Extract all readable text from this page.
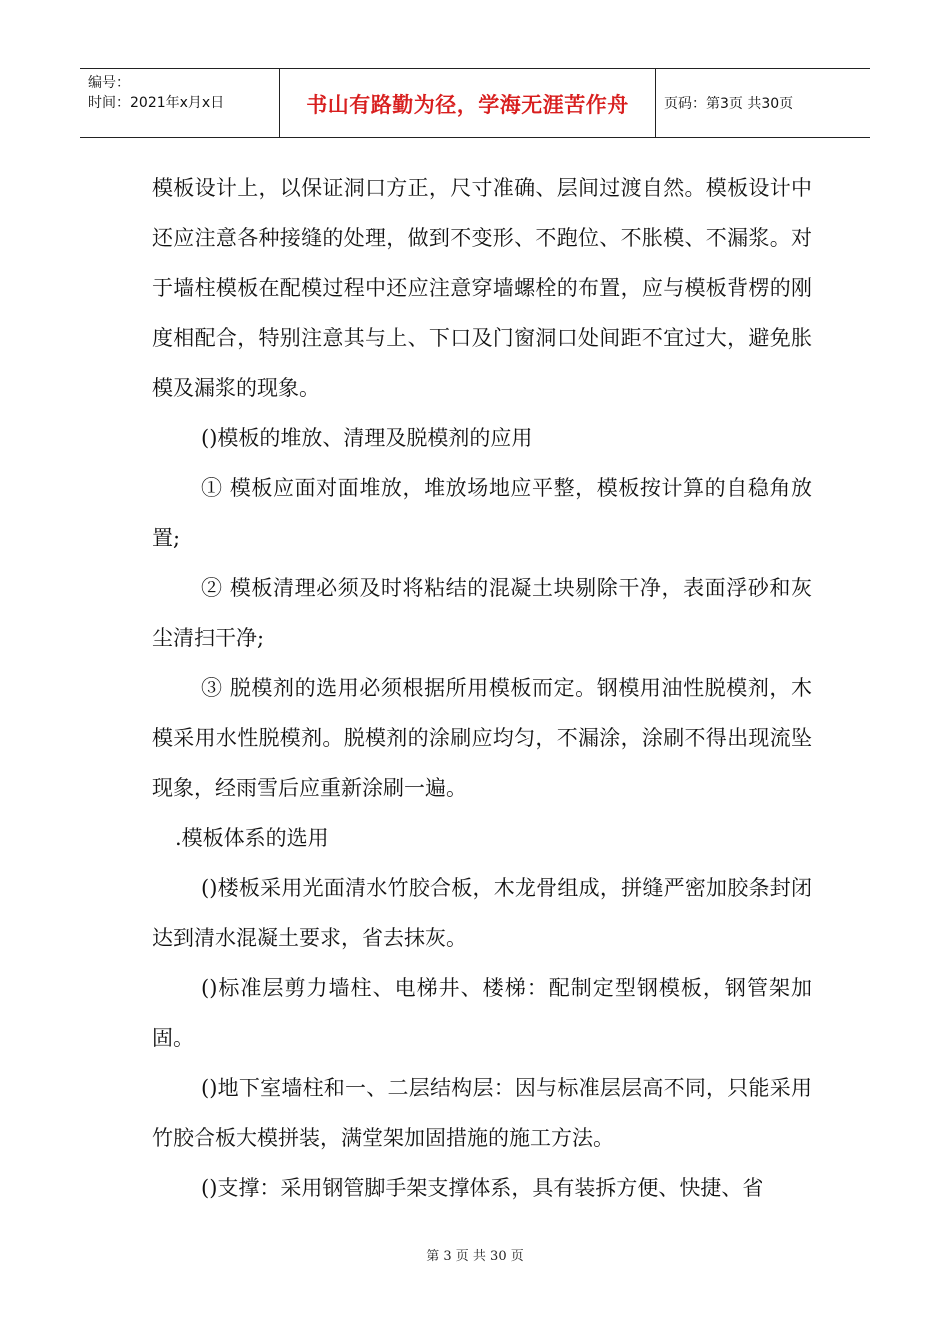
编号：
时间：2021年x月x日	书山有路勤为径，学海无涯苦作舟	页码：第3页 共30页

模板设计上，以保证洞口方正，尺寸准确、层间过渡自然。模板设计中还应注意各种接缝的处理，做到不变形、不跑位、不胀模、不漏浆。对于墙柱模板在配模过程中还应注意穿墙螺栓的布置，应与模板背楞的刚度相配合，特别注意其与上、下口及门窗洞口处间距不宜过大，避免胀模及漏浆的现象。

()模板的堆放、清理及脱模剂的应用

① 模板应面对面堆放，堆放场地应平整，模板按计算的自稳角放置;

② 模板清理必须及时将粘结的混凝土块剔除干净，表面浮砂和灰尘清扫干净;

③ 脱模剂的选用必须根据所用模板而定。钢模用油性脱模剂，木模采用水性脱模剂。脱模剂的涂刷应均匀，不漏涂，涂刷不得出现流坠现象，经雨雪后应重新涂刷一遍。

.模板体系的选用

()楼板采用光面清水竹胶合板，木龙骨组成，拼缝严密加胶条封闭达到清水混凝土要求，省去抹灰。

()标准层剪力墙柱、电梯井、楼梯：配制定型钢模板，钢管架加固。

()地下室墙柱和一、二层结构层：因与标准层层高不同，只能采用竹胶合板大模拼装，满堂架加固措施的施工方法。

()支撑：采用钢管脚手架支撑体系，具有装拆方便、快捷、省

第 3 页 共 30 页
